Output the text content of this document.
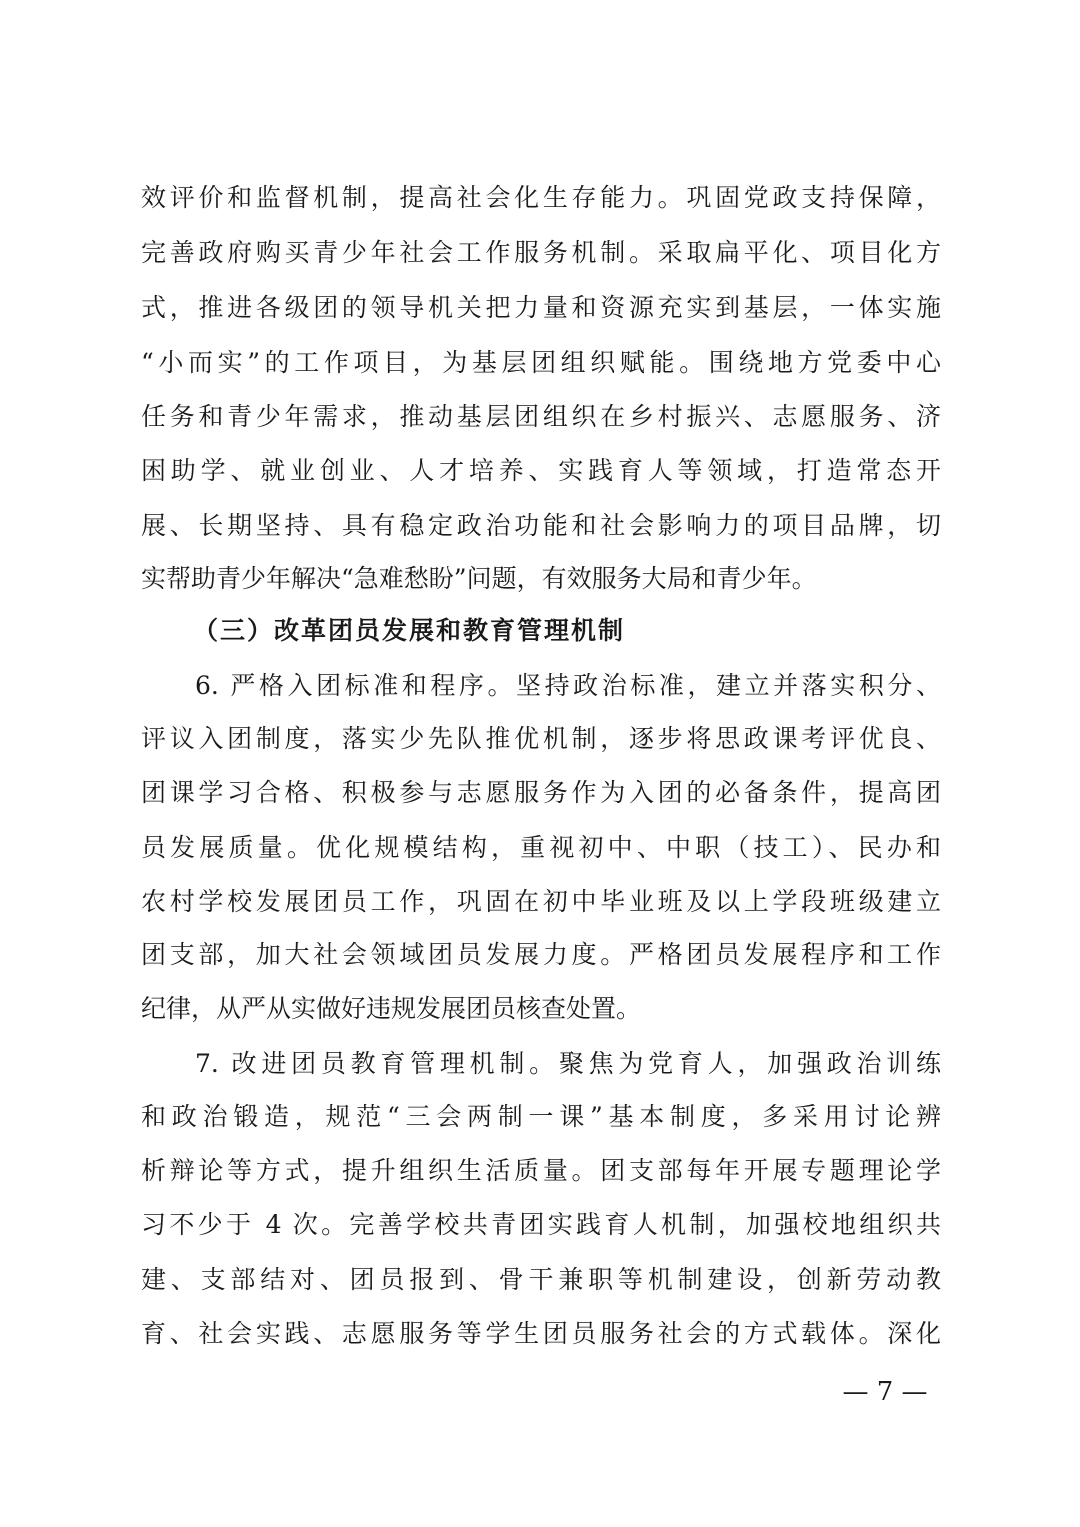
效评价和监督机制，提高社会化生存能力。巩固党政支持保障，
完善政府购买青少年社会工作服务机制。采取扁平化、项目化方
式，推进各级团的领导机关把力量和资源充实到基层，一体实施
“小而实”的工作项目，为基层团组织赋能。围绕地方党委中心
任务和青少年需求，推动基层团组织在乡村振兴、志愿服务、济
困助学、就业创业、人才培养、实践育人等领域，打造常态开
展、长期坚持、具有稳定政治功能和社会影响力的项目品牌，切
实帮助青少年解决“急难愁盼”问题，有效服务大局和青少年。
（三）改革团员发展和教育管理机制
6. 严格入团标准和程序。坚持政治标准，建立并落实积分、
评议入团制度，落实少先队推优机制，逐步将思政课考评优良、
团课学习合格、积极参与志愿服务作为入团的必备条件，提高团
员发展质量。优化规模结构，重视初中、中职（技工）、民办和
农村学校发展团员工作，巩固在初中毕业班及以上学段班级建立
团支部，加大社会领域团员发展力度。严格团员发展程序和工作
纪律，从严从实做好违规发展团员核查处置。
7. 改进团员教育管理机制。聚焦为党育人，加强政治训练
和政治锻造，规范“三会两制一课”基本制度，多采用讨论辨
析辩论等方式，提升组织生活质量。团支部每年开展专题理论学
习不少于 4 次。完善学校共青团实践育人机制，加强校地组织共
建、支部结对、团员报到、骨干兼职等机制建设，创新劳动教
育、社会实践、志愿服务等学生团员服务社会的方式载体。深化
— 7 —
